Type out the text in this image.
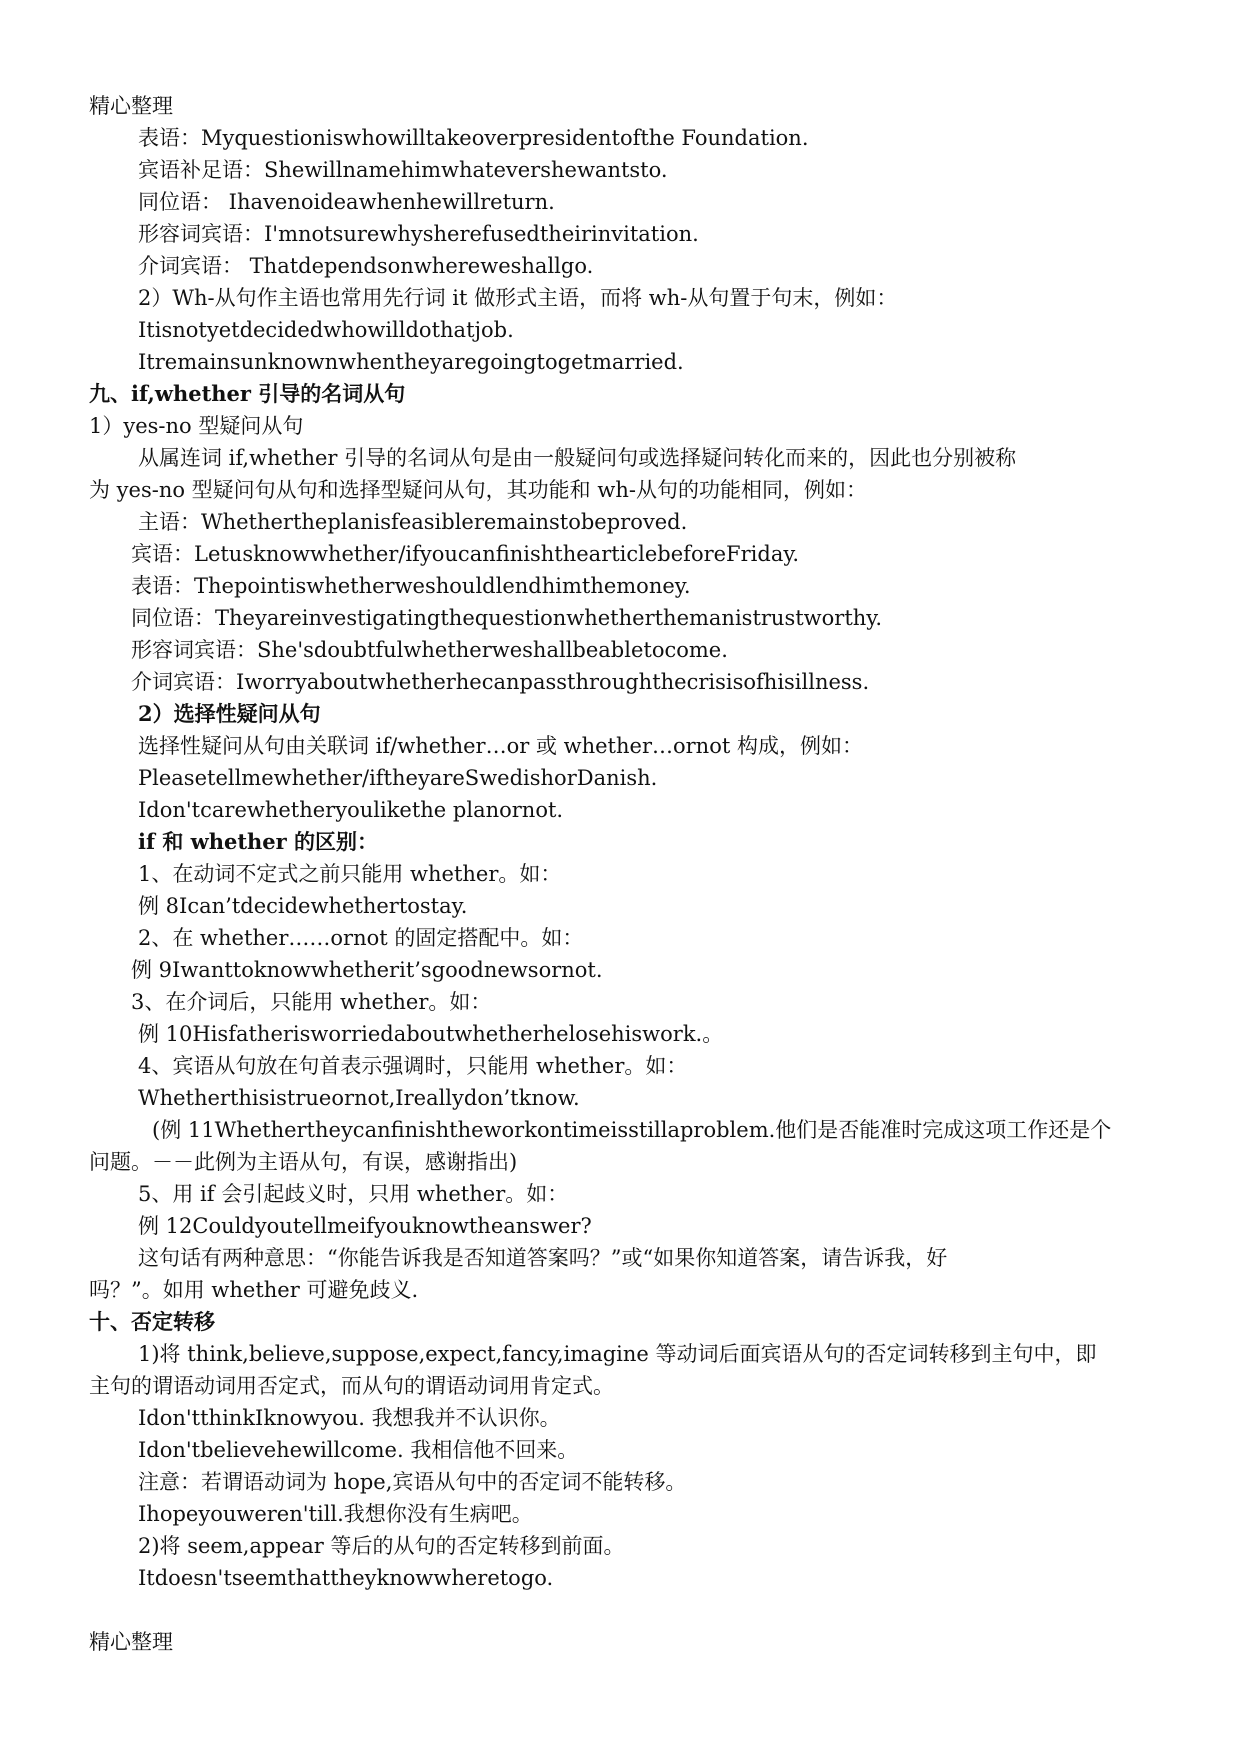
精心整理

表语：Myquestioniswhowilltakeoverpresidentofthe Foundation.

宾语补足语：Shewillnamehimwhatevershewantsto.

同位语： Ihavenoideawhenhewillreturn.

形容词宾语：I'mnotsurewhysherefusedtheirinvitation.

介词宾语： Thatdependsonwhereweshallgo.

2）Wh-从句作主语也常用先行词 it 做形式主语，而将 wh-从句置于句末，例如：

Itisnotyetdecidedwhowilldothatjob.

Itremainsunknownwhentheyaregoingtogetmarried.

九、if,whether 引导的名词从句

1）yes-no 型疑问从句

从属连词 if,whether 引导的名词从句是由一般疑问句或选择疑问转化而来的，因此也分别被称

为 yes-no 型疑问句从句和选择型疑问从句，其功能和 wh-从句的功能相同，例如：

主语：Whethertheplanisfeasibleremainstobeproved.

宾语：Letusknowwhether/ifyoucanfinishthearticlebeforeFriday.

表语：Thepointiswhetherweshouldlendhimthemoney.

同位语：Theyareinvestigatingthequestionwhetherthemanistrustworthy.

形容词宾语：She'sdoubtfulwhetherweshallbeabletocome.

介词宾语：Iworryaboutwhetherhecanpassthroughthecrisisofhisillness.

2）选择性疑问从句

选择性疑问从句由关联词 if/whether…or 或 whether…ornot 构成，例如：

Pleasetellmewhether/iftheyareSwedishorDanish.

Idon'tcarewhetheryoulikethe planornot.

if 和 whether 的区别：

1、在动词不定式之前只能用 whether。如：

例 8Ican’tdecidewhethertostay.

2、在 whether……ornot 的固定搭配中。如：

例 9Iwanttoknowwhetherit’sgoodnewsornot.

3、在介词后，只能用 whether。如：

例 10Hisfatherisworriedaboutwhetherhelosehiswork.。

4、宾语从句放在句首表示强调时，只能用 whether。如：

Whetherthisistrueornot,Ireallydon’tknow.

(例 11Whethertheycanfinishtheworkontimeisstillaproblem.他们是否能准时完成这项工作还是个

问题。－－此例为主语从句，有误，感谢指出)

5、用 if 会引起歧义时，只用 whether。如：

例 12Couldyoutellmeifyouknowtheanswer?

这句话有两种意思：“你能告诉我是否知道答案吗？”或“如果你知道答案，请告诉我，好

吗？”。如用 whether 可避免歧义.

十、否定转移

1)将 think,believe,suppose,expect,fancy,imagine 等动词后面宾语从句的否定词转移到主句中，即

主句的谓语动词用否定式，而从句的谓语动词用肯定式。

Idon'tthinkIknowyou. 我想我并不认识你。

Idon'tbelievehewillcome. 我相信他不回来。

注意：若谓语动词为 hope,宾语从句中的否定词不能转移。

Ihopeyouweren'till.我想你没有生病吧。

2)将 seem,appear 等后的从句的否定转移到前面。

Itdoesn'tseemthattheyknowwheretogo.

精心整理
